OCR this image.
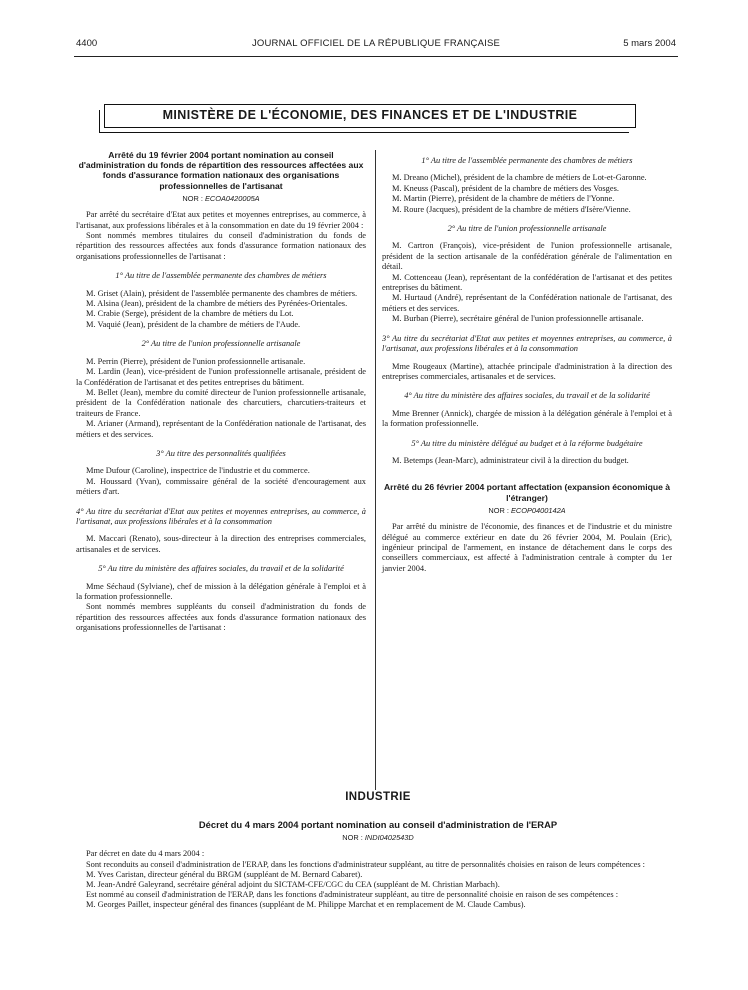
4400	JOURNAL OFFICIEL DE LA RÉPUBLIQUE FRANÇAISE	5 mars 2004
MINISTÈRE DE L'ÉCONOMIE, DES FINANCES ET DE L'INDUSTRIE
Arrêté du 19 février 2004 portant nomination au conseil d'administration du fonds de répartition des ressources affectées aux fonds d'assurance formation nationaux des organisations professionnelles de l'artisanat
NOR : ECOA0420005A

Par arrêté du secrétaire d'Etat aux petites et moyennes entreprises, au commerce, à l'artisanat, aux professions libérales et à la consommation en date du 19 février 2004 :

Sont nommés membres titulaires du conseil d'administration du fonds de répartition des ressources affectées aux fonds d'assurance formation nationaux des organisations professionnelles de l'artisanat :

1° Au titre de l'assemblée permanente des chambres de métiers

M. Griset (Alain), président de l'assemblée permanente des chambres de métiers.

M. Alsina (Jean), président de la chambre de métiers des Pyrénées-Orientales.

M. Crabie (Serge), président de la chambre de métiers du Lot.

M. Vaquié (Jean), président de la chambre de métiers de l'Aude.

2° Au titre de l'union professionnelle artisanale

M. Perrin (Pierre), président de l'union professionnelle artisanale.

M. Lardin (Jean), vice-président de l'union professionnelle artisanale, président de la Confédération de l'artisanat et des petites entreprises du bâtiment.

M. Bellet (Jean), membre du comité directeur de l'union professionnelle artisanale, président de la Confédération nationale des charcutiers, charcutiers-traiteurs et traiteurs de France.

M. Arianer (Armand), représentant de la Confédération nationale de l'artisanat, des métiers et des services.

3° Au titre des personnalités qualifiées

Mme Dufour (Caroline), inspectrice de l'industrie et du commerce.

M. Houssard (Yvan), commissaire général de la société d'encouragement aux métiers d'art.

4° Au titre du secrétariat d'Etat aux petites et moyennes entreprises, au commerce, à l'artisanat, aux professions libérales et à la consommation

M. Maccari (Renato), sous-directeur à la direction des entreprises commerciales, artisanales et de services.

5° Au titre du ministère des affaires sociales, du travail et de la solidarité

Mme Séchaud (Sylviane), chef de mission à la délégation générale à l'emploi et à la formation professionnelle.

Sont nommés membres suppléants du conseil d'administration du fonds de répartition des ressources affectées aux fonds d'assurance formation nationaux des organisations professionnelles de l'artisanat :

1° Au titre de l'assemblée permanente des chambres de métiers

M. Dreano (Michel), président de la chambre de métiers de Lot-et-Garonne.

M. Kneuss (Pascal), président de la chambre de métiers des Vosges.

M. Martin (Pierre), président de la chambre de métiers de l'Yonne.

M. Roure (Jacques), président de la chambre de métiers d'Isère/Vienne.

2° Au titre de l'union professionnelle artisanale

M. Cartron (François), vice-président de l'union professionnelle artisanale, président de la section artisanale de la confédération générale de l'alimentation en détail.

M. Cottenceau (Jean), représentant de la confédération de l'artisanat et des petites entreprises du bâtiment.

M. Hurtaud (André), représentant de la Confédération nationale de l'artisanat, des métiers et des services.

M. Burban (Pierre), secrétaire général de l'union professionnelle artisanale.

3° Au titre du secrétariat d'Etat aux petites et moyennes entreprises, au commerce, à l'artisanat, aux professions libérales et à la consommation

Mme Rougeaux (Martine), attachée principale d'administration à la direction des entreprises commerciales, artisanales et de services.

4° Au titre du ministère des affaires sociales, du travail et de la solidarité

Mme Brenner (Annick), chargée de mission à la délégation générale à l'emploi et à la formation professionnelle.

5° Au titre du ministère délégué au budget et à la réforme budgétaire

M. Betemps (Jean-Marc), administrateur civil à la direction du budget.

Arrêté du 26 février 2004 portant affectation (expansion économique à l'étranger)
NOR : ECOP0400142A

Par arrêté du ministre de l'économie, des finances et de l'industrie et du ministre délégué au commerce extérieur en date du 26 février 2004, M. Poulain (Eric), ingénieur principal de l'armement, en instance de détachement dans le corps des conseillers commerciaux, est affecté à l'administration centrale à compter du 1er janvier 2004.

INDUSTRIE
Décret du 4 mars 2004 portant nomination au conseil d'administration de l'ERAP
NOR : INDI0402543D

Par décret en date du 4 mars 2004 :

Sont reconduits au conseil d'administration de l'ERAP, dans les fonctions d'administrateur suppléant, au titre de personnalités choisies en raison de leurs compétences :

M. Yves Caristan, directeur général du BRGM (suppléant de M. Bernard Cabaret).

M. Jean-André Galeyrand, secrétaire général adjoint du SICTAM-CFE/CGC du CEA (suppléant de M. Christian Marbach).

Est nommé au conseil d'administration de l'ERAP, dans les fonctions d'administrateur suppléant, au titre de personnalité choisie en raison de ses compétences :

M. Georges Paillet, inspecteur général des finances (suppléant de M. Philippe Marchat et en remplacement de M. Claude Cambus).
